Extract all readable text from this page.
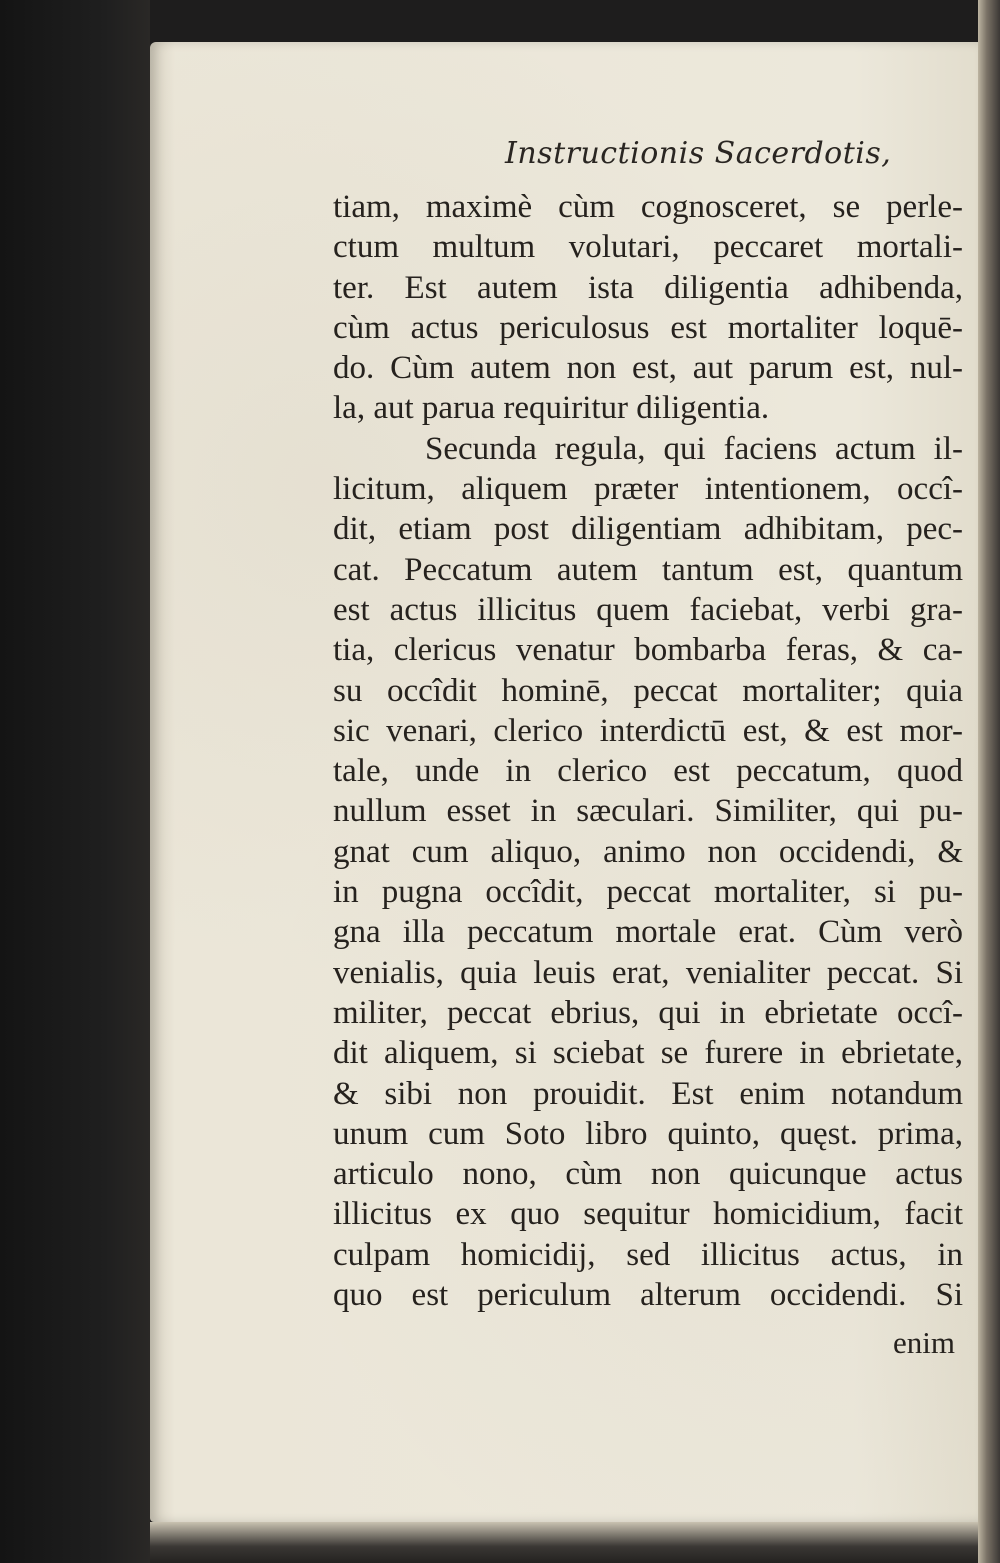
Instructionis Sacerdotis,
tiam, maximè cùm cognosceret, se perle-
ctum multum volutari, peccaret mortali-
ter. Est autem ista diligentia adhibenda,
cùm actus periculosus est mortaliter loquē-
do. Cùm autem non est, aut parum est, nul-
la, aut parua requiritur diligentia.
Secunda regula, qui faciens actum il-
licitum, aliquem præter intentionem, occî-
dit, etiam post diligentiam adhibitam, pec-
cat. Peccatum autem tantum est, quantum
est actus illicitus quem faciebat, verbi gra-
tia, clericus venatur bombarba feras, & ca-
su occîdit hominē, peccat mortaliter; quia
sic venari, clerico interdictū est, & est mor-
tale, unde in clerico est peccatum, quod
nullum esset in sæculari. Similiter, qui pu-
gnat cum aliquo, animo non occidendi, &
in pugna occîdit, peccat mortaliter, si pu-
gna illa peccatum mortale erat. Cùm verò
venialis, quia leuis erat, venialiter peccat. Si
militer, peccat ebrius, qui in ebrietate occî-
dit aliquem, si sciebat se furere in ebrietate,
& sibi non prouidit. Est enim notandum
unum cum Soto libro quinto, quęst. prima,
articulo nono, cùm non quicunque actus
illicitus ex quo sequitur homicidium, facit
culpam homicidij, sed illicitus actus, in
quo est periculum alterum occidendi. Si
enim
